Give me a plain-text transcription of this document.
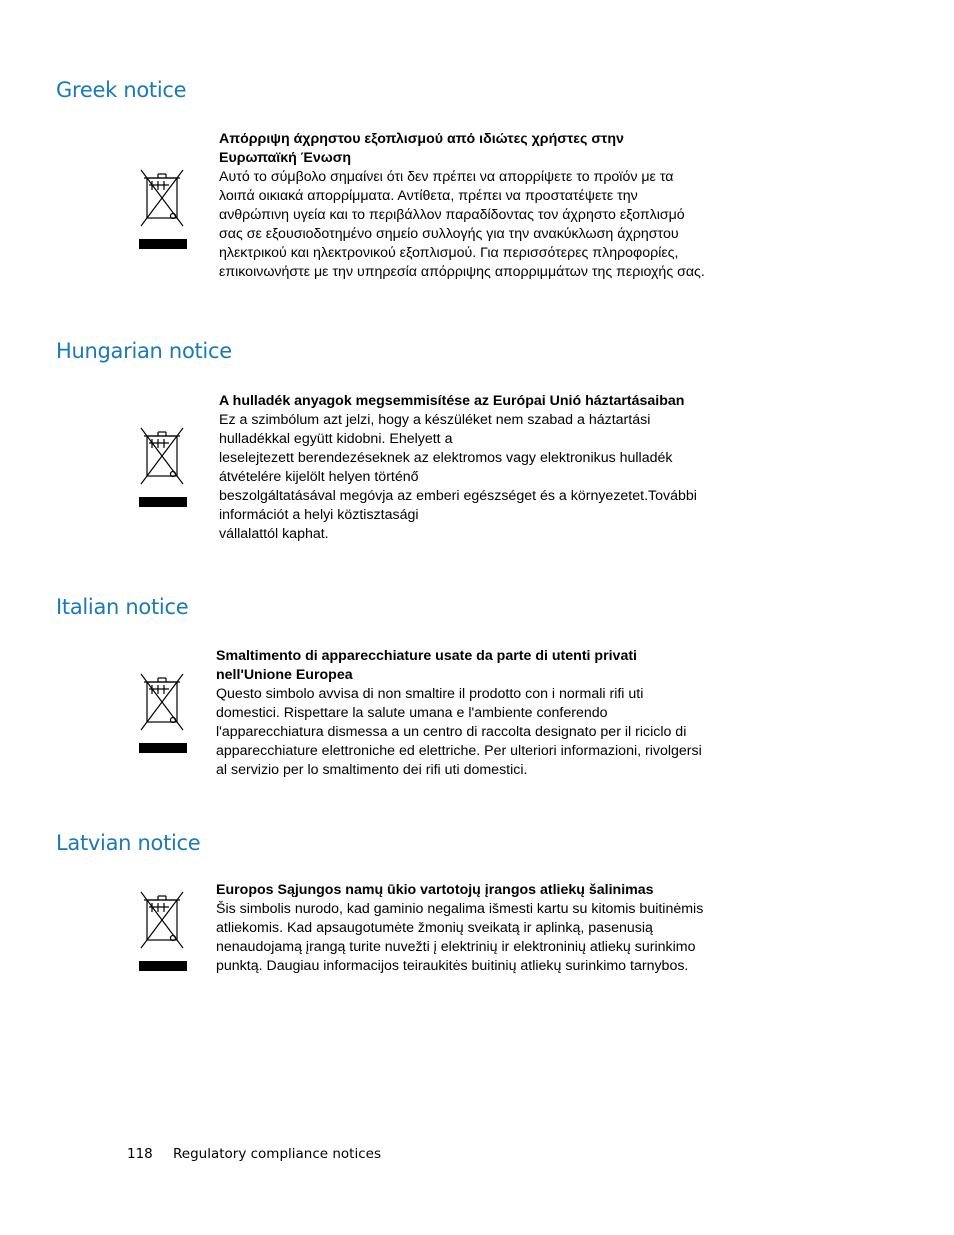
Greek notice
Απόρριψη άχρηστου εξοπλισμού από ιδιώτες χρήστες στην
Ευρωπαϊκή Ένωση
Αυτό το σύμβολο σημαίνει ότι δεν πρέπει να απορρίψετε το προϊόν με τα
λοιπά οικιακά απορρίμματα. Αντίθετα, πρέπει να προστατέψετε την
ανθρώπινη υγεία και το περιβάλλον παραδίδοντας τον άχρηστο εξοπλισμό
σας σε εξουσιοδοτημένο σημείο συλλογής για την ανακύκλωση άχρηστου
ηλεκτρικού και ηλεκτρονικού εξοπλισμού. Για περισσότερες πληροφορίες,
επικοινωνήστε με την υπηρεσία απόρριψης απορριμμάτων της περιοχής σας.
Hungarian notice
A hulladék anyagok megsemmisítése az Európai Unió háztartásaiban
Ez a szimbólum azt jelzi, hogy a készüléket nem szabad a háztartási
hulladékkal együtt kidobni. Ehelyett a
leselejtezett berendezéseknek az elektromos vagy elektronikus hulladék
átvételére kijelölt helyen történő
beszolgáltatásával megóvja az emberi egészséget és a környezetet.További
információt a helyi köztisztasági
vállalattól kaphat.
Italian notice
Smaltimento di apparecchiature usate da parte di utenti privati
nell'Unione Europea
Questo simbolo avvisa di non smaltire il prodotto con i normali rifi uti
domestici. Rispettare la salute umana e l'ambiente conferendo
l'apparecchiatura dismessa a un centro di raccolta designato per il riciclo di
apparecchiature elettroniche ed elettriche. Per ulteriori informazioni, rivolgersi
al servizio per lo smaltimento dei rifi uti domestici.
Latvian notice
Europos Sąjungos namų ūkio vartotojų įrangos atliekų šalinimas
Šis simbolis nurodo, kad gaminio negalima išmesti kartu su kitomis buitinėmis
atliekomis. Kad apsaugotumėte žmonių sveikatą ir aplinką, pasenusią
nenaudojamą įrangą turite nuvežti į elektrinių ir elektroninių atliekų surinkimo
punktą. Daugiau informacijos teiraukitės buitinių atliekų surinkimo tarnybos.
118 Regulatory compliance notices
